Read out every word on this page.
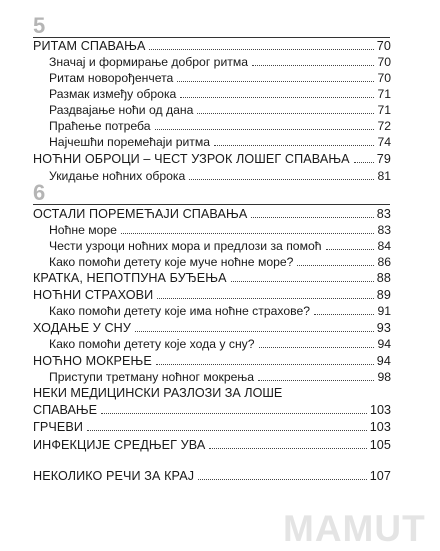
5
РИТАМ СПАВАЊА	70
Значај и формирање доброг ритма	70
Ритам новорођенчета	70
Размак између оброка	71
Раздвајање ноћи од дана	71
Праћење потреба	72
Најчешћи поремећаји ритма	74
НОЋНИ ОБРОЦИ – ЧЕСТ УЗРОК ЛОШЕГ СПАВАЊА 79
Укидање ноћних оброка	81
6
ОСТАЛИ ПОРЕМЕЋАЈИ СПАВАЊА	83
Ноћне море	83
Чести узроци ноћних мора и предлози за помоћ	84
Како помоћи детету које муче ноћне море?	86
КРАТКА, НЕПОТПУНА БУЂЕЊА	88
НОЋНИ СТРАХОВИ	89
Како помоћи детету које има ноћне страхове?	91
ХОДАЊЕ У СНУ	93
Како помоћи детету које хода у сну?	94
НОЋНО МОКРЕЊЕ	94
Приступи третману ноћног мокрења	98
НЕКИ МЕДИЦИНСКИ РАЗЛОЗИ ЗА ЛОШЕ
СПАВАЊЕ	103
ГРЧЕВИ	103
ИНФЕКЦИЈЕ СРЕДЊЕГ УВА	105
НЕКОЛИКО РЕЧИ ЗА КРАЈ	107
MAMUT
